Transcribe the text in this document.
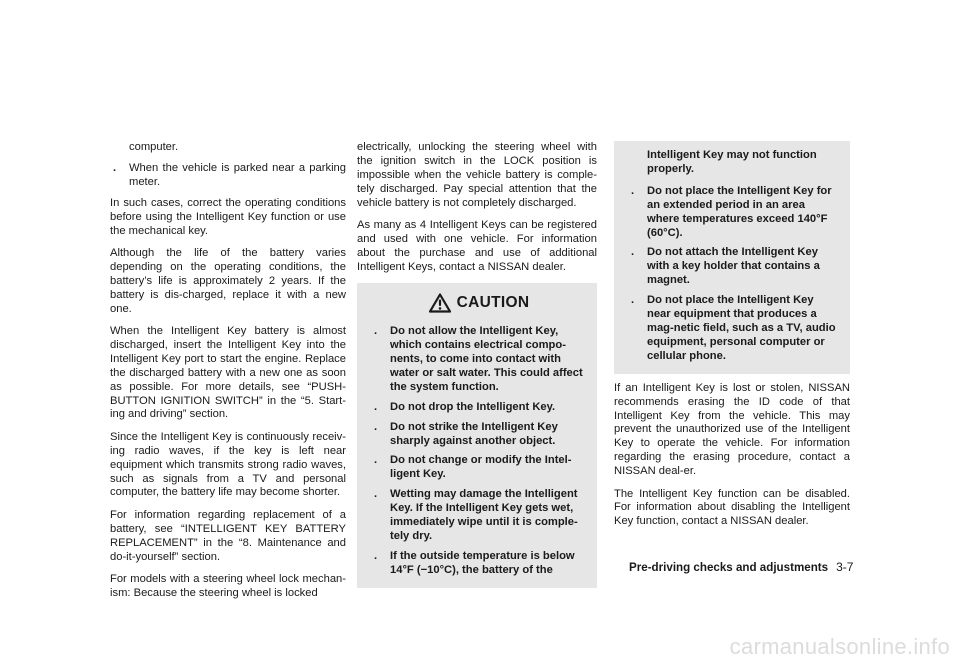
computer.
. When the vehicle is parked near a parking meter.

In such cases, correct the operating conditions before using the Intelligent Key function or use the mechanical key.

Although the life of the battery varies depending on the operating conditions, the battery’s life is approximately 2 years. If the battery is dis-charged, replace it with a new one.

When the Intelligent Key battery is almost discharged, insert the Intelligent Key into the Intelligent Key port to start the engine. Replace the discharged battery with a new one as soon as possible. For more details, see “PUSH-BUTTON IGNITION SWITCH” in the “5. Start-ing and driving” section.

Since the Intelligent Key is continuously receiv-ing radio waves, if the key is left near equipment which transmits strong radio waves, such as signals from a TV and personal computer, the battery life may become shorter.

For information regarding replacement of a battery, see “INTELLIGENT KEY BATTERY REPLACEMENT” in the “8. Maintenance and do-it-yourself” section.

For models with a steering wheel lock mechan-ism: Because the steering wheel is locked

electrically, unlocking the steering wheel with the ignition switch in the LOCK position is impossible when the vehicle battery is comple-tely discharged. Pay special attention that the vehicle battery is not completely discharged.

As many as 4 Intelligent Keys can be registered and used with one vehicle. For information about the purchase and use of additional Intelligent Keys, contact a NISSAN dealer.

CAUTION
. Do not allow the Intelligent Key, which contains electrical compo-nents, to come into contact with water or salt water. This could affect the system function.
. Do not drop the Intelligent Key.
. Do not strike the Intelligent Key sharply against another object.
. Do not change or modify the Intel-ligent Key.
. Wetting may damage the Intelligent Key. If the Intelligent Key gets wet, immediately wipe until it is comple-tely dry.
. If the outside temperature is below 14°F (−10°C), the battery of the
Intelligent Key may not function properly.
. Do not place the Intelligent Key for an extended period in an area where temperatures exceed 140°F (60°C).
. Do not attach the Intelligent Key with a key holder that contains a magnet.
. Do not place the Intelligent Key near equipment that produces a mag-netic field, such as a TV, audio equipment, personal computer or cellular phone.

If an Intelligent Key is lost or stolen, NISSAN recommends erasing the ID code of that Intelligent Key from the vehicle. This may prevent the unauthorized use of the Intelligent Key to operate the vehicle. For information regarding the erasing procedure, contact a NISSAN deal-er.

The Intelligent Key function can be disabled. For information about disabling the Intelligent Key function, contact a NISSAN dealer.

Pre-driving checks and adjustments 3-7
carmanualsonline.info
